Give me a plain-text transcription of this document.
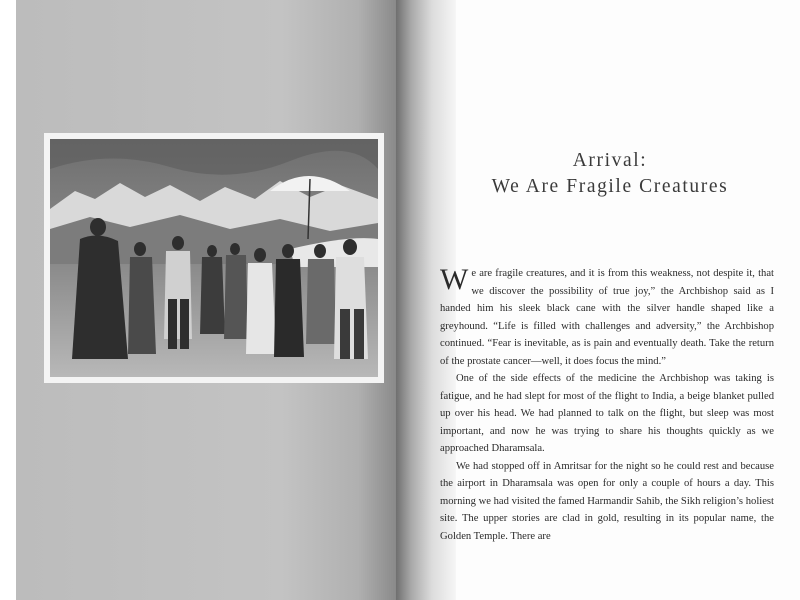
Arrival:
We Are Fragile Creatures

We are fragile creatures, and it is from this weakness, not despite it, that we discover the possibility of true joy,” the Archbishop said as I handed him his sleek black cane with the silver handle shaped like a greyhound. “Life is filled with challenges and adversity,” the Archbishop continued. “Fear is inevitable, as is pain and eventually death. Take the return of the prostate cancer—well, it does focus the mind.”

One of the side effects of the medicine the Archbishop was taking is fatigue, and he had slept for most of the flight to India, a beige blanket pulled up over his head. We had planned to talk on the flight, but sleep was most important, and now he was trying to share his thoughts quickly as we approached Dharamsala.

We had stopped off in Amritsar for the night so he could rest and because the airport in Dharamsala was open for only a couple of hours a day. This morning we had visited the famed Harmandir Sahib, the Sikh religion’s holiest site. The upper stories are clad in gold, resulting in its popular name, the Golden Temple. There are
